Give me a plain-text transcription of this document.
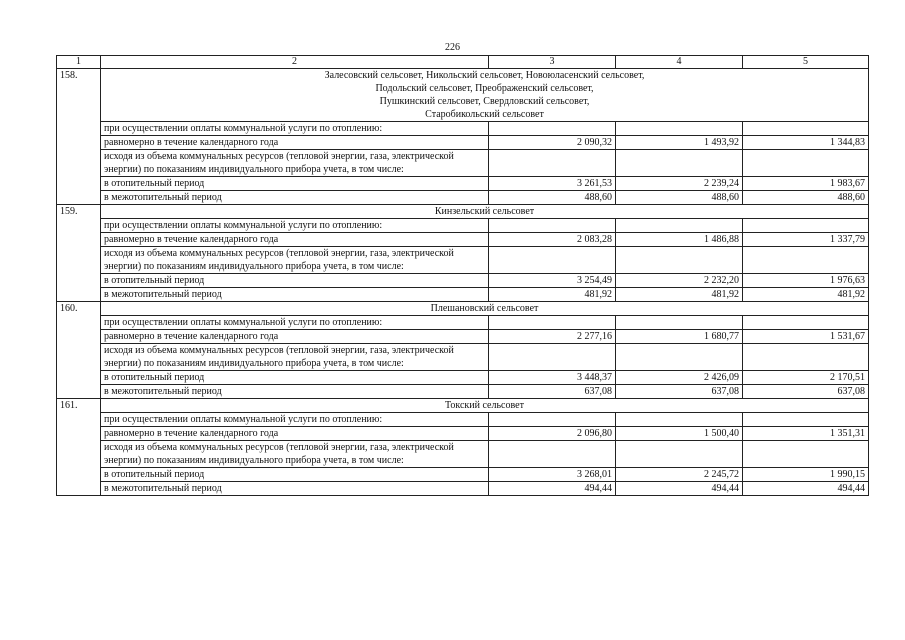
226
1	2	3	4	5
158.	Залесовский сельсовет, Никольский сельсовет, Новоюласенский сельсовет,
Подольский сельсовет, Преображенский сельсовет,
Пушкинский сельсовет, Свердловский сельсовет,
Старобикольский сельсовет			

	при осуществлении оплаты коммунальной услуги по отоплению:			
	равномерно в течение календарного года	2 090,32	1 493,92	1 344,83
	исходя из объема коммунальных ресурсов (тепловой энергии, газа, электрической энергии) по показаниям индивидуального прибора учета, в том числе:			
	в отопительный период	3 261,53	2 239,24	1 983,67
	в межотопительный период	488,60	488,60	488,60
159.	Кинзельский сельсовет			

	при осуществлении оплаты коммунальной услуги по отоплению:			
	равномерно в течение календарного года	2 083,28	1 486,88	1 337,79
	исходя из объема коммунальных ресурсов (тепловой энергии, газа, электрической энергии) по показаниям индивидуального прибора учета, в том числе:			
	в отопительный период	3 254,49	2 232,20	1 976,63
	в межотопительный период	481,92	481,92	481,92
160.	Плешановский сельсовет			

	при осуществлении оплаты коммунальной услуги по отоплению:			
	равномерно в течение календарного года	2 277,16	1 680,77	1 531,67
	исходя из объема коммунальных ресурсов (тепловой энергии, газа, электрической энергии) по показаниям индивидуального прибора учета, в том числе:			
	в отопительный период	3 448,37	2 426,09	2 170,51
	в межотопительный период	637,08	637,08	637,08
161.	Токский сельсовет			

	при осуществлении оплаты коммунальной услуги по отоплению:			
	равномерно в течение календарного года	2 096,80	1 500,40	1 351,31
	исходя из объема коммунальных ресурсов (тепловой энергии, газа, электрической энергии) по показаниям индивидуального прибора учета, в том числе:			
	в отопительный период	3 268,01	2 245,72	1 990,15
	в межотопительный период	494,44	494,44	494,44
